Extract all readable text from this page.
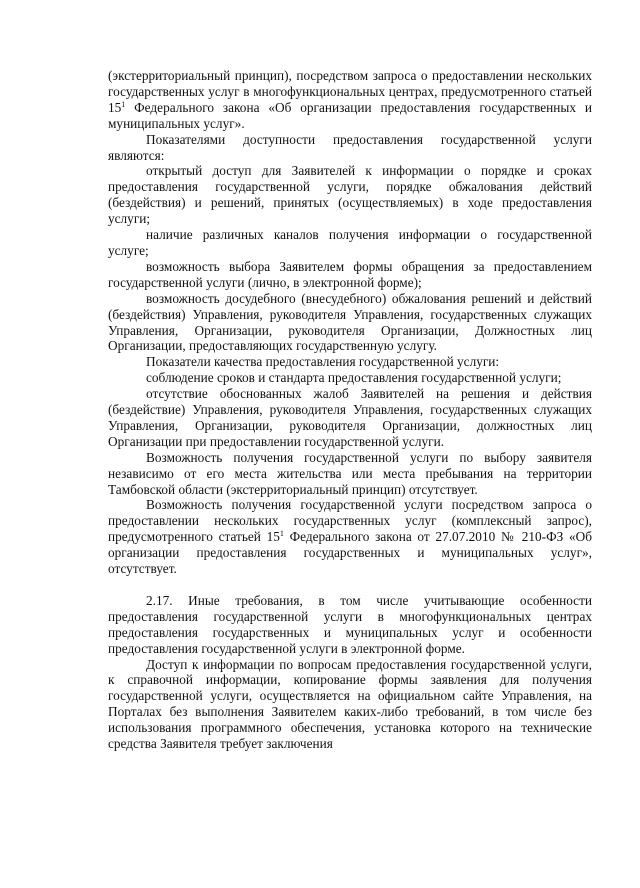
(экстерриториальный принцип), посредством запроса о предоставлении нескольких государственных услуг в многофункциональных центрах, предусмотренного статьей $15^1$ Федерального закона «Об организации предоставления государственных и муниципальных услуг».

Показателями доступности предоставления государственной услуги являются:

открытый доступ для Заявителей к информации о порядке и сроках предоставления государственной услуги, порядке обжалования действий (бездействия) и решений, принятых (осуществляемых) в ходе предоставления услуги;

наличие различных каналов получения информации о государственной услуге;

возможность выбора Заявителем формы обращения за предоставлением государственной услуги (лично, в электронной форме);

возможность досудебного (внесудебного) обжалования решений и действий (бездействия) Управления, руководителя Управления, государственных служащих Управления, Организации, руководителя Организации, Должностных лиц Организации, предоставляющих государственную услугу.

Показатели качества предоставления государственной услуги:

соблюдение сроков и стандарта предоставления государственной услуги;

отсутствие обоснованных жалоб Заявителей на решения и действия (бездействие) Управления, руководителя Управления, государственных служащих Управления, Организации, руководителя Организации, должностных лиц Организации при предоставлении государственной услуги.

Возможность получения государственной услуги по выбору заявителя независимо от его места жительства или места пребывания на территории Тамбовской области (экстерриториальный принцип) отсутствует.

Возможность получения государственной услуги посредством запроса о предоставлении нескольких государственных услуг (комплексный запрос), предусмотренного статьей $15^1$ Федерального закона от 27.07.2010 № 210-ФЗ «Об организации предоставления государственных и муниципальных услуг», отсутствует.

2.17. Иные требования, в том числе учитывающие особенности предоставления государственной услуги в многофункциональных центрах предоставления государственных и муниципальных услуг и особенности предоставления государственной услуги в электронной форме.

Доступ к информации по вопросам предоставления государственной услуги, к справочной информации, копирование формы заявления для получения государственной услуги, осуществляется на официальном сайте Управления, на Порталах без выполнения Заявителем каких-либо требований, в том числе без использования программного обеспечения, установка которого на технические средства Заявителя требует заключения
